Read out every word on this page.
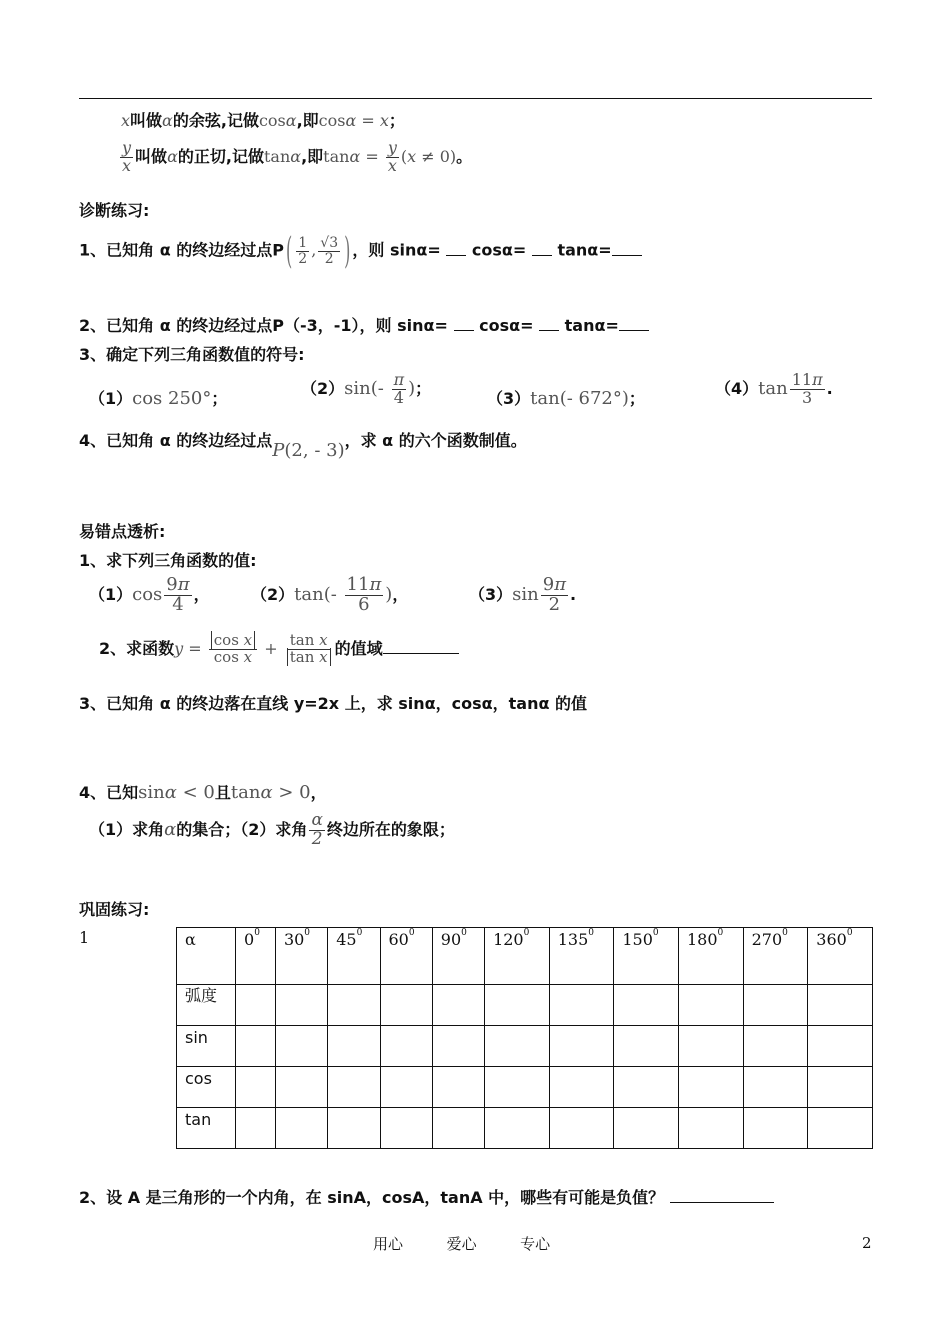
x叫做α的余弦,记做cosα,即cosα = x；
$\frac{y}{x}$ 叫做α的正切,记做tanα,即$\tan\alpha = \frac{y}{x} (x \ne 0)$。
诊断练习:
1、已知角 α 的终边经过点P ( $\frac{1}{2}$ , $\frac{√3}{2}$ ) ，则 sinα= cosα= tanα=
2、已知角 α 的终边经过点P（-3，-1），则 sinα= cosα= tanα=
3、确定下列三角函数值的符号:
（1）cos 250°；
$(2)\sin(- \frac{\pi}{4}$ )；
（3）tan(- 672°)；
$(4)\tan \frac{11\pi}{3}$ .
4、已知角 α 的终边经过点P(2, - 3)，求 α 的六个函数制值。
易错点透析:
1、求下列三角函数的值:
$(1)\cos \frac{9\pi}{4}$ ，	$(2)\tan(- \frac{11\pi}{6}$ )，	$(3)\sin \frac{9\pi}{2}$ .
2、求函数$y = \frac{\text{cos x}}{\text{cos x}} + \frac{\text{tan x}}{\text{tan x}}$ 的值域
3、已知角 α 的终边落在直线 y=2x 上，求 sinα，cosα，tanα 的值
4、已知sinα < 0且tanα > 0，
（1）求角α的集合；（2）求角 $\frac{\alpha}{2}$ 终边所在的象限；
巩固练习:
1	α	$0^0$	$30^0$	$45^0$	$60^0$	$90^0$	$120^0$	$135^0$	$150^0$	$180^0$	$270^0$	$360^0$
弧度											
sin											
cos											
tan											
2、设 A 是三角形的一个内角，在 sinA，cosA，tanA 中，哪些有可能是负值？
用心	爱心	专心	2
